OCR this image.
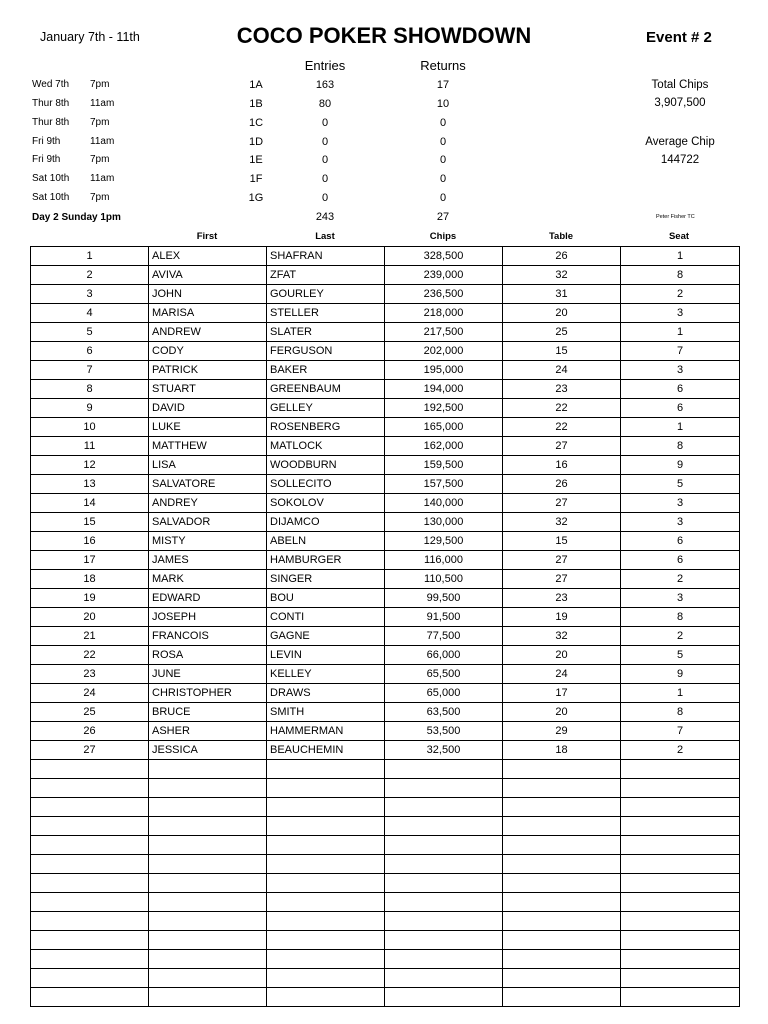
January 7th - 11th	COCO POKER SHOWDOWN	Event # 2
Entries	Returns
Wed 7th 7pm	1A	163	17
Thur 8th 11am	1B	80	10
Thur 8th 7pm	1C	0	0
Fri 9th	11am	1D	0	0
Fri 9th	7pm	1E	0	0
Sat 10th 11am	1F	0	0
Sat 10th 7pm	1G	0	0
Day 2 Sunday 1pm	243	27
Total Chips
3,907,500
Average Chip
144722
Peter Fisher TC
First	Last	Chips	Table	Seat
1	ALEX	SHAFRAN	328,500	26	1
2	AVIVA	ZFAT	239,000	32	8
3	JOHN	GOURLEY	236,500	31	2
4	MARISA	STELLER	218,000	20	3
5	ANDREW	SLATER	217,500	25	1
6	CODY	FERGUSON	202,000	15	7
7	PATRICK	BAKER	195,000	24	3
8	STUART	GREENBAUM	194,000	23	6
9	DAVID	GELLEY	192,500	22	6
10	LUKE	ROSENBERG	165,000	22	1
11	MATTHEW	MATLOCK	162,000	27	8
12	LISA	WOODBURN	159,500	16	9
13	SALVATORE	SOLLECITO	157,500	26	5
14	ANDREY	SOKOLOV	140,000	27	3
15	SALVADOR	DIJAMCO	130,000	32	3
16	MISTY	ABELN	129,500	15	6
17	JAMES	HAMBURGER	116,000	27	6
18	MARK	SINGER	110,500	27	2
19	EDWARD	BOU	99,500	23	3
20	JOSEPH	CONTI	91,500	19	8
21	FRANCOIS	GAGNE	77,500	32	2
22	ROSA	LEVIN	66,000	20	5
23	JUNE	KELLEY	65,500	24	9
24	CHRISTOPHER	DRAWS	65,000	17	1
25	BRUCE	SMITH	63,500	20	8
26	ASHER	HAMMERMAN	53,500	29	7
27	JESSICA	BEAUCHEMIN	32,500	18	2
